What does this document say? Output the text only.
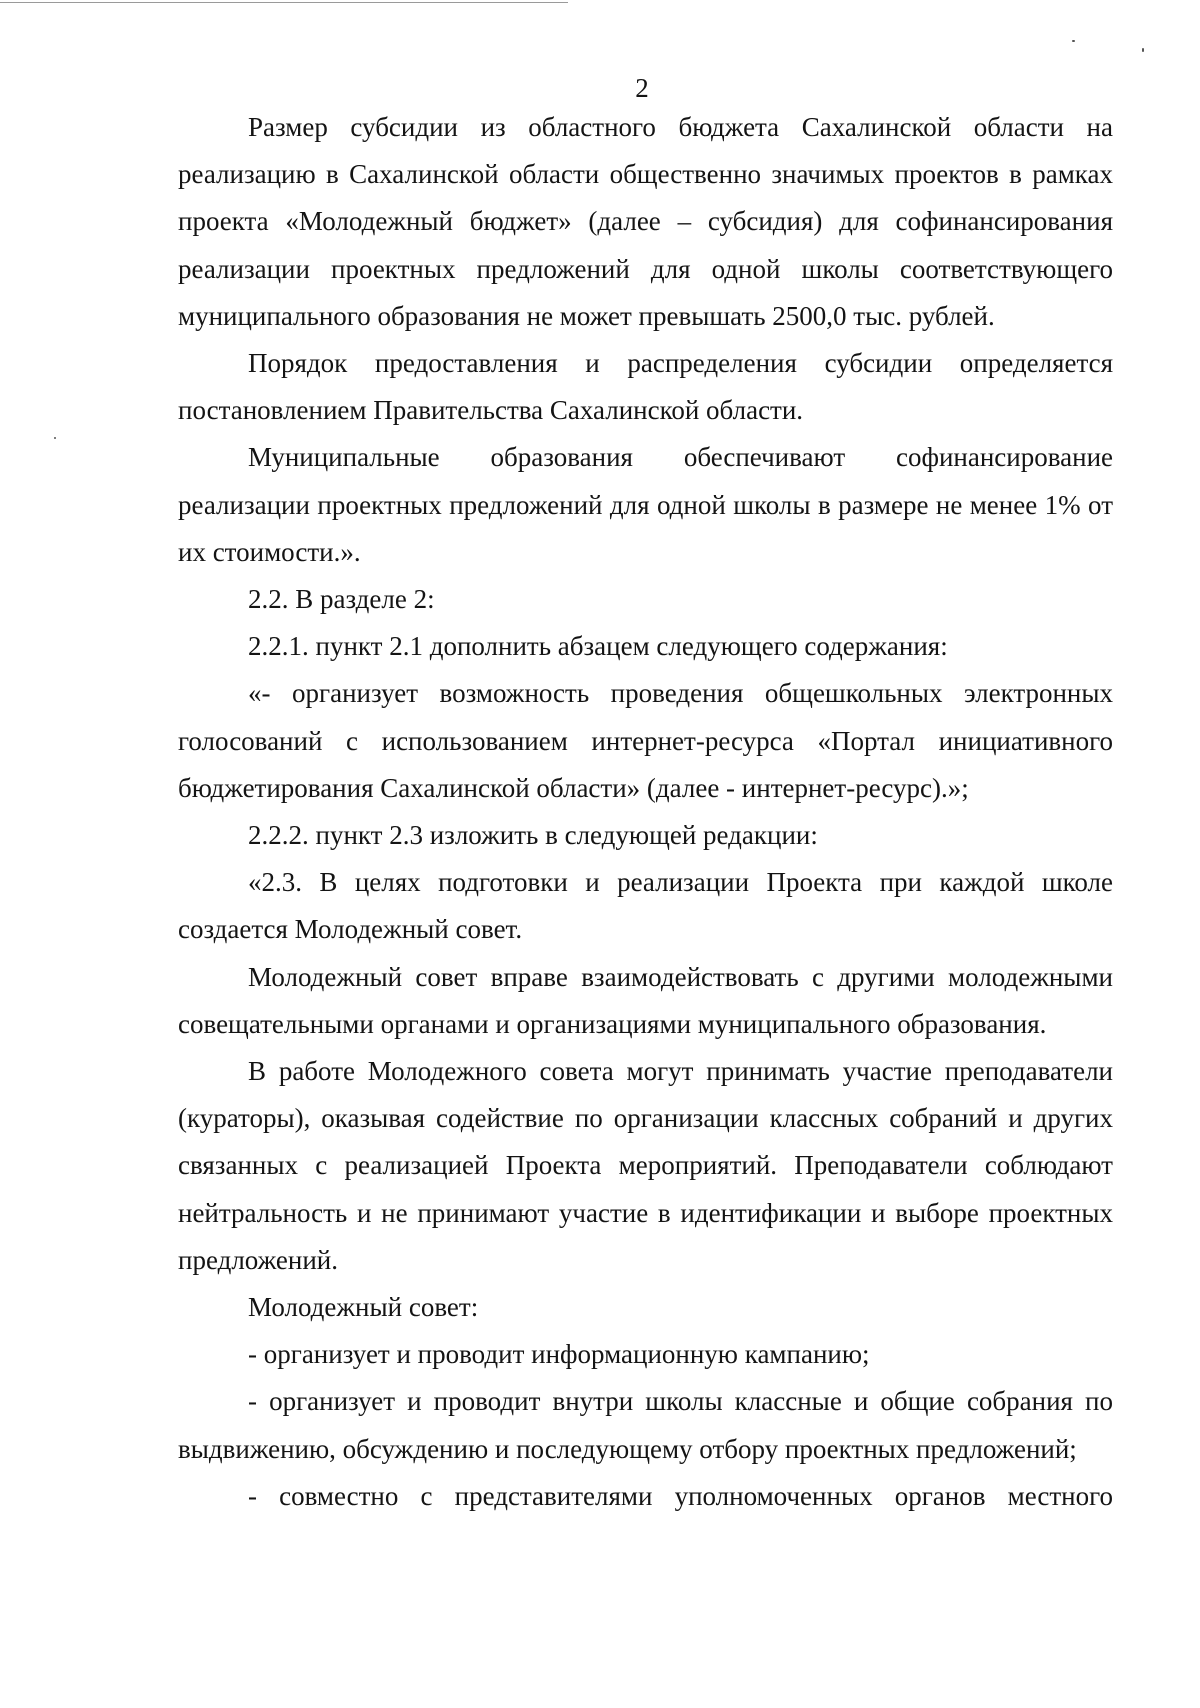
2

Размер субсидии из областного бюджета Сахалинской области на реализацию в Сахалинской области общественно значимых проектов в рамках проекта «Молодежный бюджет» (далее – субсидия) для софинансирования реализации проектных предложений для одной школы соответствующего муниципального образования не может превышать 2500,0 тыс. рублей.

Порядок предоставления и распределения субсидии определяется постановлением Правительства Сахалинской области.

Муниципальные образования обеспечивают софинансирование реализации проектных предложений для одной школы в размере не менее 1% от их стоимости.».

2.2. В разделе 2:

2.2.1. пункт 2.1 дополнить абзацем следующего содержания:

«- организует возможность проведения общешкольных электронных голосований с использованием интернет-ресурса «Портал инициативного бюджетирования Сахалинской области» (далее - интернет-ресурс).»;

2.2.2. пункт 2.3 изложить в следующей редакции:

«2.3. В целях подготовки и реализации Проекта при каждой школе создается Молодежный совет.

Молодежный совет вправе взаимодействовать с другими молодежными совещательными органами и организациями муниципального образования.

В работе Молодежного совета могут принимать участие преподаватели (кураторы), оказывая содействие по организации классных собраний и других связанных с реализацией Проекта мероприятий. Преподаватели соблюдают нейтральность и не принимают участие в идентификации и выборе проектных предложений.

Молодежный совет:

- организует и проводит информационную кампанию;

- организует и проводит внутри школы классные и общие собрания по выдвижению, обсуждению и последующему отбору проектных предложений;

- совместно с представителями уполномоченных органов местного
